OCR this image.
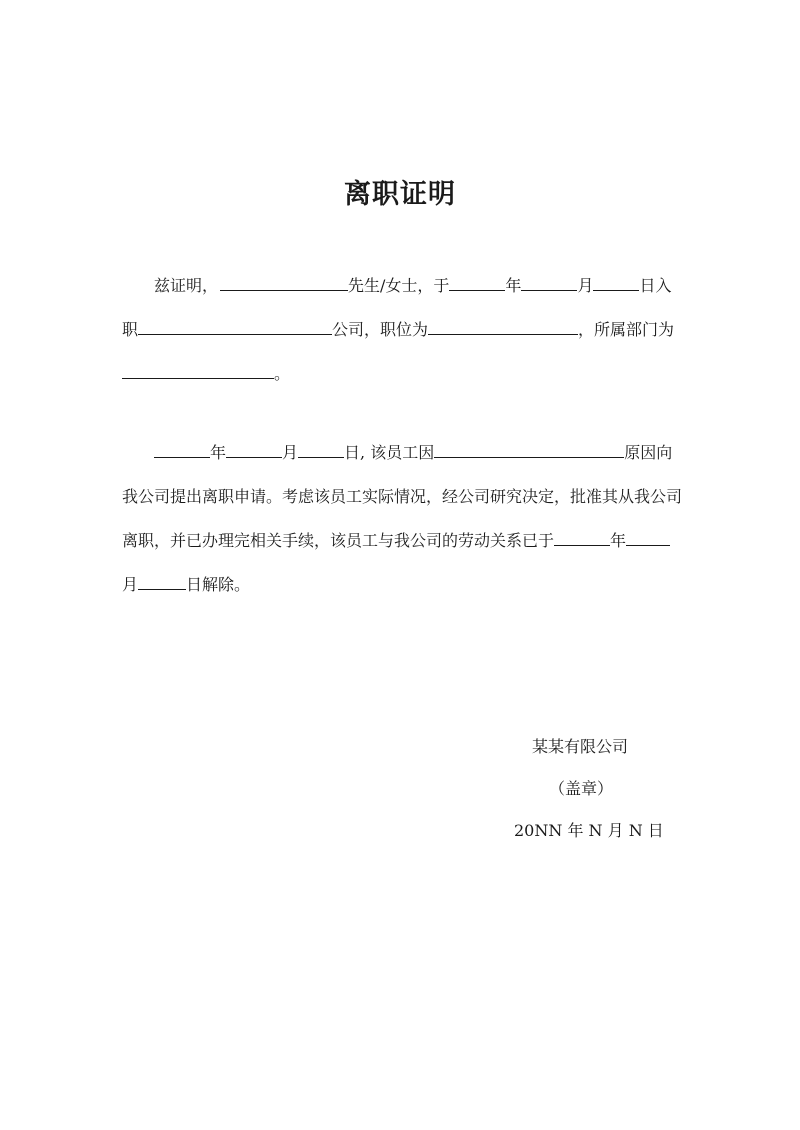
离职证明
兹证明，	先生/女士，于	年	月	日入
职	公司，职位为	，所属部门为
。
年	月	日, 该员工因	原因向
我公司提出离职申请。考虑该员工实际情况，经公司研究决定，批准其从我公司
离职，并已办理完相关手续，该员工与我公司的劳动关系已于	年
月	日解除。
某某有限公司
（盖章）
20NN 年 N 月 N 日
